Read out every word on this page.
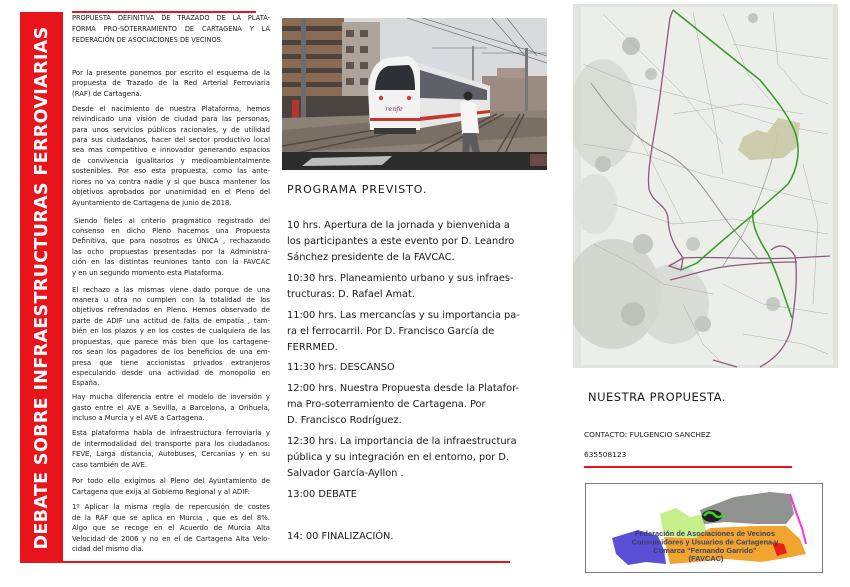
DEBATE SOBRE INFRAESTRUCTURAS FERROVIARIAS
PROPUESTA DEFINITIVA DE TRAZADO DE LA PLATA-
FORMA PRO-SOTERRAMIENTO DE CARTAGENA Y LA
FEDERACIÓN DE ASOCIACIONES DE VECINOS.
Por la presente ponemos por escrito el esquema de la
propuesta de Trazado de la Red Arterial Ferroviaria
(RAF) de Cartagena.
Desde el nacimiento de nuestra Plataforma, hemos
reivindicado una visión de ciudad para las personas,
para unos servicios públicos racionales, y de utilidad
para sus ciudadanos, hacer del sector productivo local
sea mas competitivo e innovador generando espacios
de convivencia igualitarios y medioambientalmente
sostenibles. Por eso esta propuesta, como las ante-
riores no va contra nadie y si que busca mantener los
objetivos aprobados por unanimidad en el Pleno del
Ayuntamiento de Cartagena de junio de 2018.
Siendo fieles al criterio pragmático registrado del
consenso en dicho Pleno hacemos una Propuesta
Definitiva, que para nosotros es ÚNICA , rechazando
las ocho propuestas presentadas por la Administra-
ción en las distintas reuniones tanto con la FAVCAC
y en un segundo momento esta Plataforma.
El rechazo a las mismas viene dado porque de una
manera u otra no cumplen con la totalidad de los
objetivos refrendados en Pleno. Hemos observado de
parte de ADIF una actitud de falta de empatía , tam-
bién en los plazos y en los costes de cualquiera de las
propuestas, que parece más bien que los cartagene-
ros sean los pagadores de los beneficios de una em-
presa que tiene accionistas privados extranjeros
especulando desde una actividad de monopolio en
España.
Hay mucha diferencia entre el modelo de inversión y
gasto entre el AVE a Sevilla, a Barcelona, a Orihuela,
incluso a Murcia y el AVE a Cartagena.
Esta plataforma habla de infraestructura ferroviaria y
de intermodalidad del transporte para los ciudadanos:
FEVE, Larga distancia, Autobuses, Cercanías y en su
caso también de AVE.
Por todo ello exigimos al Pleno del Ayuntamiento de
Cartagena que exija al Gobierno Regional y al ADIF:
1º Aplicar la misma regla de repercusión de costes
de la RAF que se aplica en Murcia , que es del 8%.
Algo que se recoge en el Acuerdo de Murcia Alta
Velocidad de 2006 y no en el de Cartagena Alta Velo-
cidad del mismo día.
renfe
PROGRAMA PREVISTO.
10 hrs. Apertura de la jornada y bienvenida a
los participantes a este evento por D. Leandro
Sánchez presidente de la FAVCAC.
10:30 hrs. Planeamiento urbano y sus infraes-
tructuras: D. Rafael Amat.
11:00 hrs. Las mercancías y su importancia pa-
ra el ferrocarril. Por D. Francisco García de
FERRMED.
11:30 hrs. DESCANSO
12:00 hrs. Nuestra Propuesta desde la Platafor-
ma Pro-soterramiento de Cartagena. Por
D. Francisco Rodríguez.
12:30 hrs. La importancia de la infraestructura
pública y su integración en el entorno, por D.
Salvador García-Ayllon .
13:00 DEBATE
14: 00 FINALIZACIÓN.
NUESTRA PROPUESTA.
CONTACTO: FULGENCIO SANCHEZ
635508123
Federación de Asociaciones de Vecinos Consumidores y Usuarios de Cartagena y Comarca "Fernando Garrido" (FAVCAC)
